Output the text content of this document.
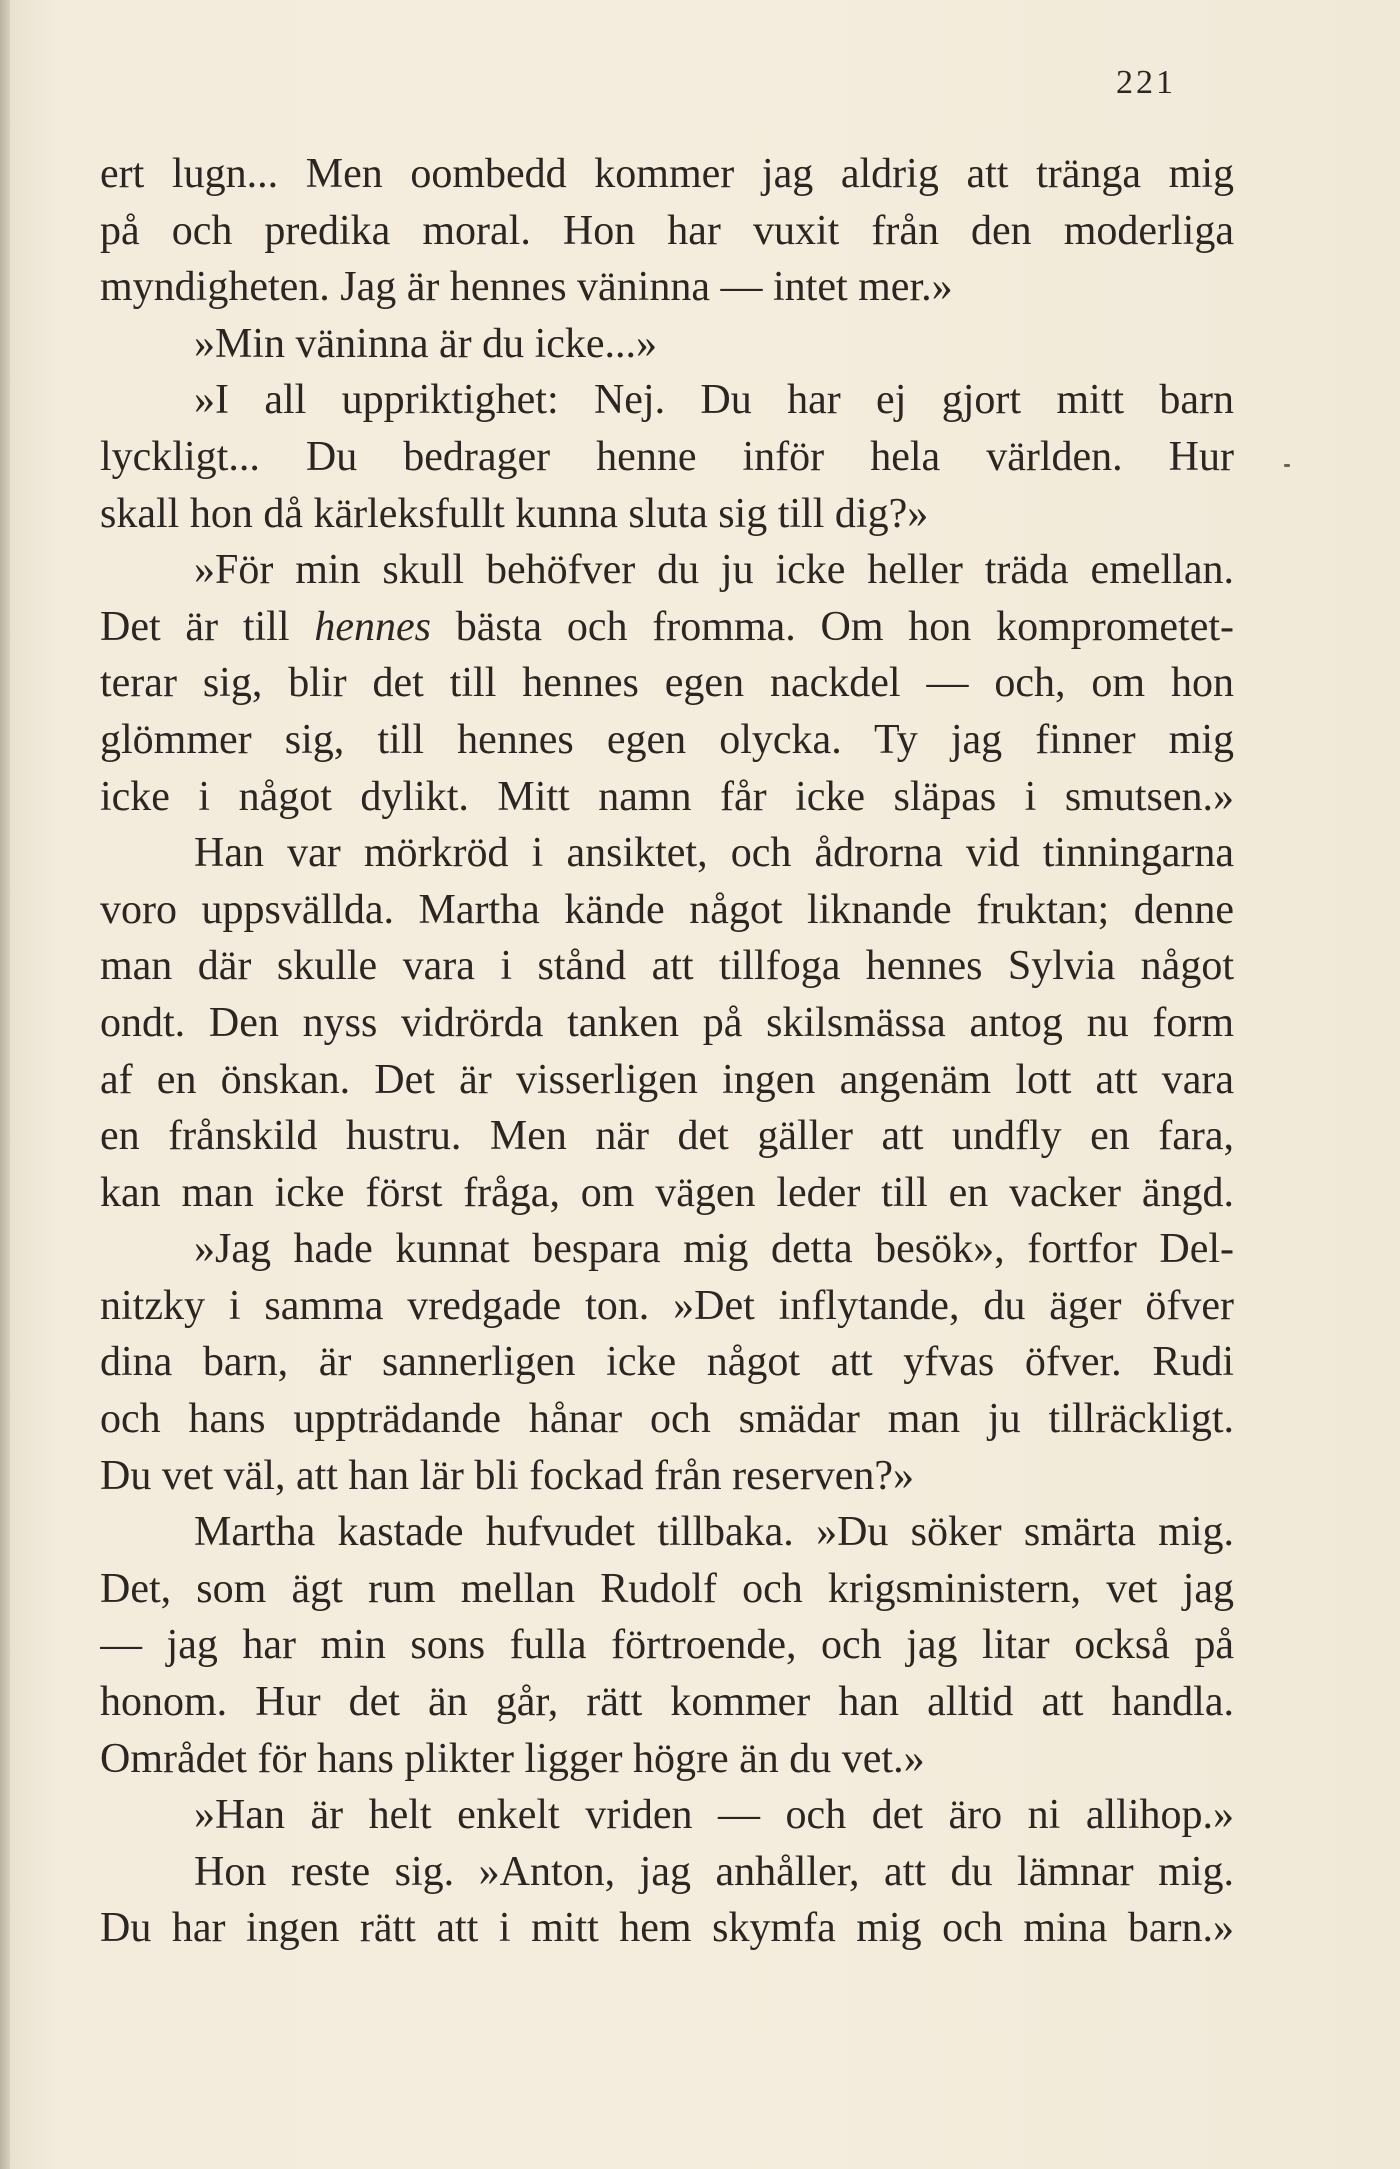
221
ert lugn... Men oombedd kommer jag aldrig att tränga mig
på och predika moral. Hon har vuxit från den moderliga
myndigheten. Jag är hennes väninna — intet mer.»
»Min väninna är du icke...»
»I all uppriktighet: Nej. Du har ej gjort mitt barn
lyckligt... Du bedrager henne inför hela världen. Hur
skall hon då kärleksfullt kunna sluta sig till dig?»
»För min skull behöfver du ju icke heller träda emellan.
Det är till hennes bästa och fromma. Om hon komprometet-
terar sig, blir det till hennes egen nackdel — och, om hon
glömmer sig, till hennes egen olycka. Ty jag finner mig
icke i något dylikt. Mitt namn får icke släpas i smutsen.»
Han var mörkröd i ansiktet, och ådrorna vid tinningarna
voro uppsvällda. Martha kände något liknande fruktan; denne
man där skulle vara i stånd att tillfoga hennes Sylvia något
ondt. Den nyss vidrörda tanken på skilsmässa antog nu form
af en önskan. Det är visserligen ingen angenäm lott att vara
en frånskild hustru. Men när det gäller att undfly en fara,
kan man icke först fråga, om vägen leder till en vacker ängd.
»Jag hade kunnat bespara mig detta besök», fortfor Del-
nitzky i samma vredgade ton. »Det inflytande, du äger öfver
dina barn, är sannerligen icke något att yfvas öfver. Rudi
och hans uppträdande hånar och smädar man ju tillräckligt.
Du vet väl, att han lär bli fockad från reserven?»
Martha kastade hufvudet tillbaka. »Du söker smärta mig.
Det, som ägt rum mellan Rudolf och krigsministern, vet jag
— jag har min sons fulla förtroende, och jag litar också på
honom. Hur det än går, rätt kommer han alltid att handla.
Området för hans plikter ligger högre än du vet.»
»Han är helt enkelt vriden — och det äro ni allihop.»
Hon reste sig. »Anton, jag anhåller, att du lämnar mig.
Du har ingen rätt att i mitt hem skymfa mig och mina barn.»
